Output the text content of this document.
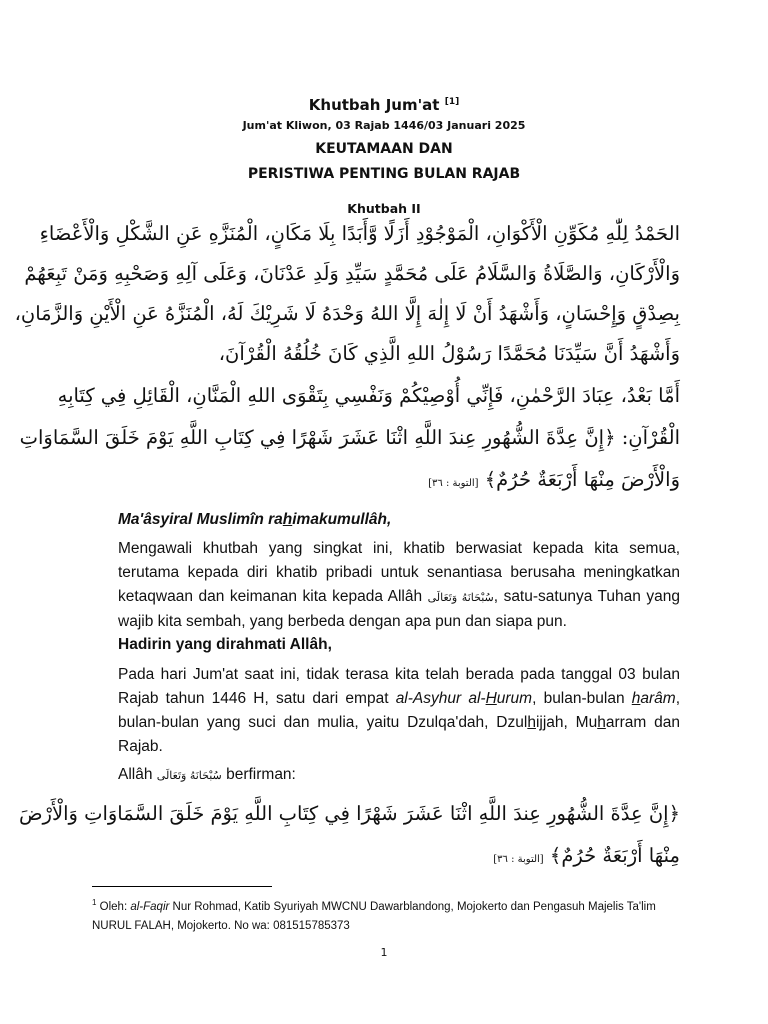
Khutbah Jum'at [1]
Jum'at Kliwon, 03 Rajab 1446/03 Januari 2025
KEUTAMAAN DAN
PERISTIWA PENTING BULAN RAJAB
Khutbah II
الحَمْدُ لِلّٰهِ مُكَوِّنِ الْأَكْوَانِ، الْمَوْجُوْدِ أَزَلًا وَّأَبَدًا بِلَا مَكَانٍ، الْمُنَزَّهِ عَنِ الشَّكْلِ وَالْأَعْضَاءِ
وَالْأَرْكَانِ، وَالصَّلَاةُ وَالسَّلَامُ عَلَى مُحَمَّدٍ سَيِّدِ وَلَدِ عَدْنَانَ، وَعَلَى آلِهِ وَصَحْبِهِ وَمَنْ تَبِعَهُمْ
بِصِدْقٍ وَإِحْسَانٍ، وَأَشْهَدُ أَنْ لَا إِلٰهَ إِلَّا اللهُ وَحْدَهُ لَا شَرِيْكَ لَهُ، الْمُنَزَّهُ عَنِ الْأَيْنِ وَالزَّمَانِ،
وَأَشْهَدُ أَنَّ سَيِّدَنَا مُحَمَّدًا رَسُوْلُ اللهِ الَّذِي كَانَ خُلُقُهُ الْقُرْآنَ،
أَمَّا بَعْدُ، عِبَادَ الرَّحْمٰنِ، فَإِنِّي أُوْصِيْكُمْ وَنَفْسِي بِتَقْوَى اللهِ الْمَنَّانِ، الْقَائِلِ فِي كِتَابِهِ
الْقُرْآنِ: ﴿إِنَّ عِدَّةَ الشُّهُورِ عِندَ اللَّهِ اثْنَا عَشَرَ شَهْرًا فِي كِتَابِ اللَّهِ يَوْمَ خَلَقَ السَّمَاوَاتِ
وَالْأَرْضَ مِنْهَا أَرْبَعَةٌ حُرُمٌ﴾ [التوبة : ٣٦]
Ma'âsyiral Muslimîn rahimakumullâh,

Mengawali khutbah yang singkat ini, khatib berwasiat kepada kita semua, terutama kepada diri khatib pribadi untuk senantiasa berusaha meningkatkan ketaqwaan dan keimanan kita kepada Allâh سُبْحَانَهُ وَتَعَالَى, satu-satunya Tuhan yang wajib kita sembah, yang berbeda dengan apa pun dan siapa pun.

Hadirin yang dirahmati Allâh,

Pada hari Jum'at saat ini, tidak terasa kita telah berada pada tanggal 03 bulan Rajab tahun 1446 H, satu dari empat al-Asyhur al-Hurum, bulan-bulan harâm, bulan-bulan yang suci dan mulia, yaitu Dzulqa'dah, Dzulhijjah, Muharram dan Rajab.

Allâh سُبْحَانَهُ وَتَعَالَى berfirman:
﴿إِنَّ عِدَّةَ الشُّهُورِ عِندَ اللَّهِ اثْنَا عَشَرَ شَهْرًا فِي كِتَابِ اللَّهِ يَوْمَ خَلَقَ السَّمَاوَاتِ وَالْأَرْضَ
مِنْهَا أَرْبَعَةٌ حُرُمٌ﴾ [التوبة : ٣٦]
$^1$ Oleh: al-Faqir Nur Rohmad, Katib Syuriyah MWCNU Dawarblandong, Mojokerto dan Pengasuh Majelis Ta'lim NURUL FALAH, Mojokerto. No wa: 081515785373
1
